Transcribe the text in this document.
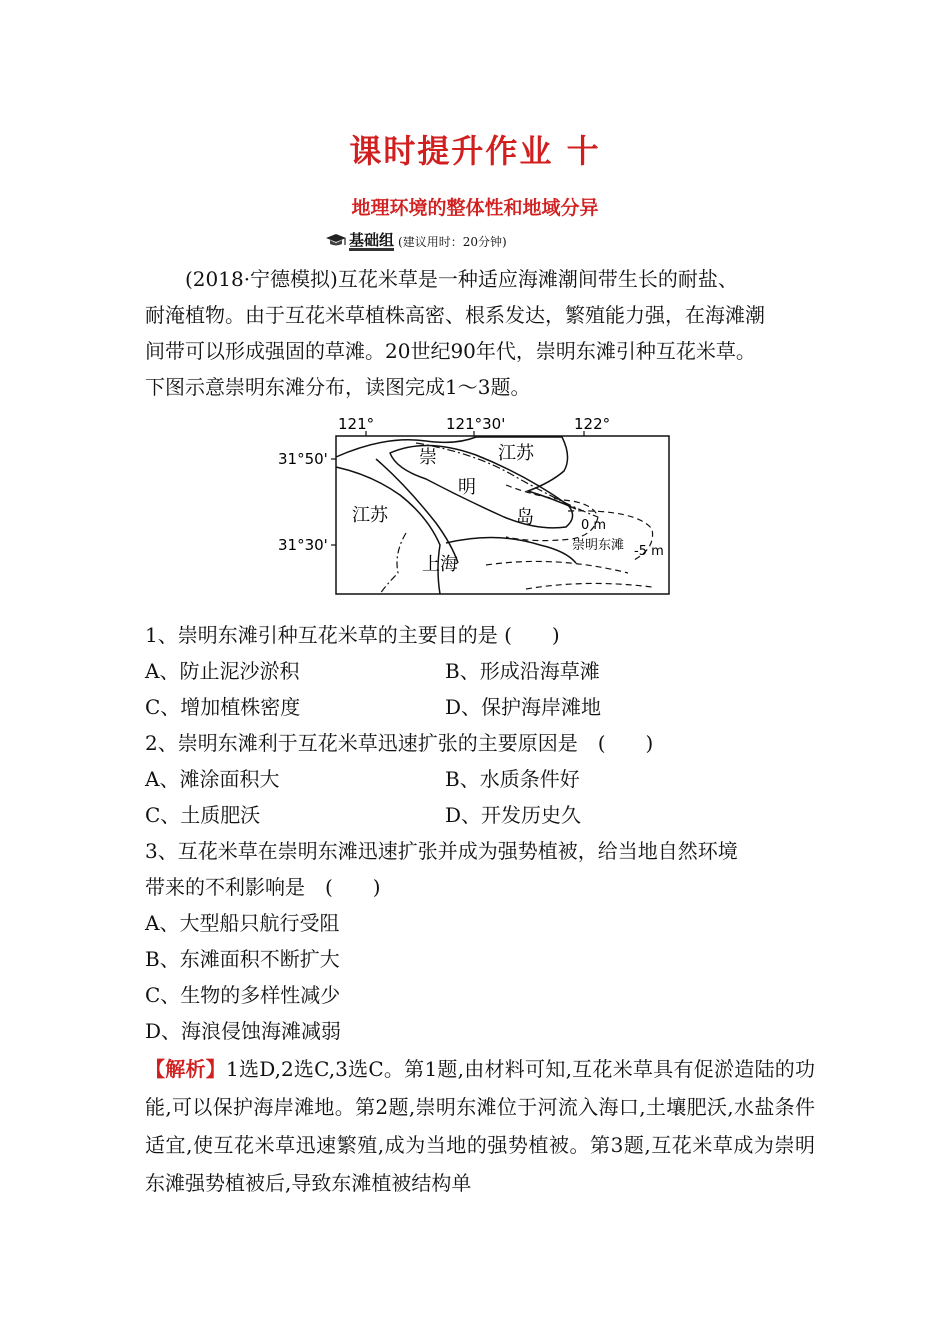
课时提升作业 十
地理环境的整体性和地域分异
基础组 (建议用时：20分钟)

(2018·宁德模拟)互花米草是一种适应海滩潮间带生长的耐盐、

耐淹植物。由于互花米草植株高密、根系发达，繁殖能力强，在海滩潮

间带可以形成强固的草滩。20世纪90年代，崇明东滩引种互花米草。

下图示意崇明东滩分布，读图完成1～3题。

121°	121°30'	122°
31°50'
31°30'
江苏
崇
明
岛
江苏
上海
0 m
崇明东滩 -5 m
1、崇明东滩引种互花米草的主要目的是 (　　)
A、防止泥沙淤积	B、形成沿海草滩
C、增加植株密度	D、保护海岸滩地
2、崇明东滩利于互花米草迅速扩张的主要原因是　(　　)
A、滩涂面积大	B、水质条件好
C、土质肥沃	D、开发历史久
3、互花米草在崇明东滩迅速扩张并成为强势植被，给当地自然环境
带来的不利影响是　(　　)
A、大型船只航行受阻
B、东滩面积不断扩大
C、生物的多样性减少
D、海浪侵蚀海滩减弱
【解析】1选D,2选C,3选C。第1题,由材料可知,互花米草具有促淤造陆的功能,可以保护海岸滩地。第2题,崇明东滩位于河流入海口,土壤肥沃,水盐条件适宜,使互花米草迅速繁殖,成为当地的强势植被。第3题,互花米草成为崇明东滩强势植被后,导致东滩植被结构单
